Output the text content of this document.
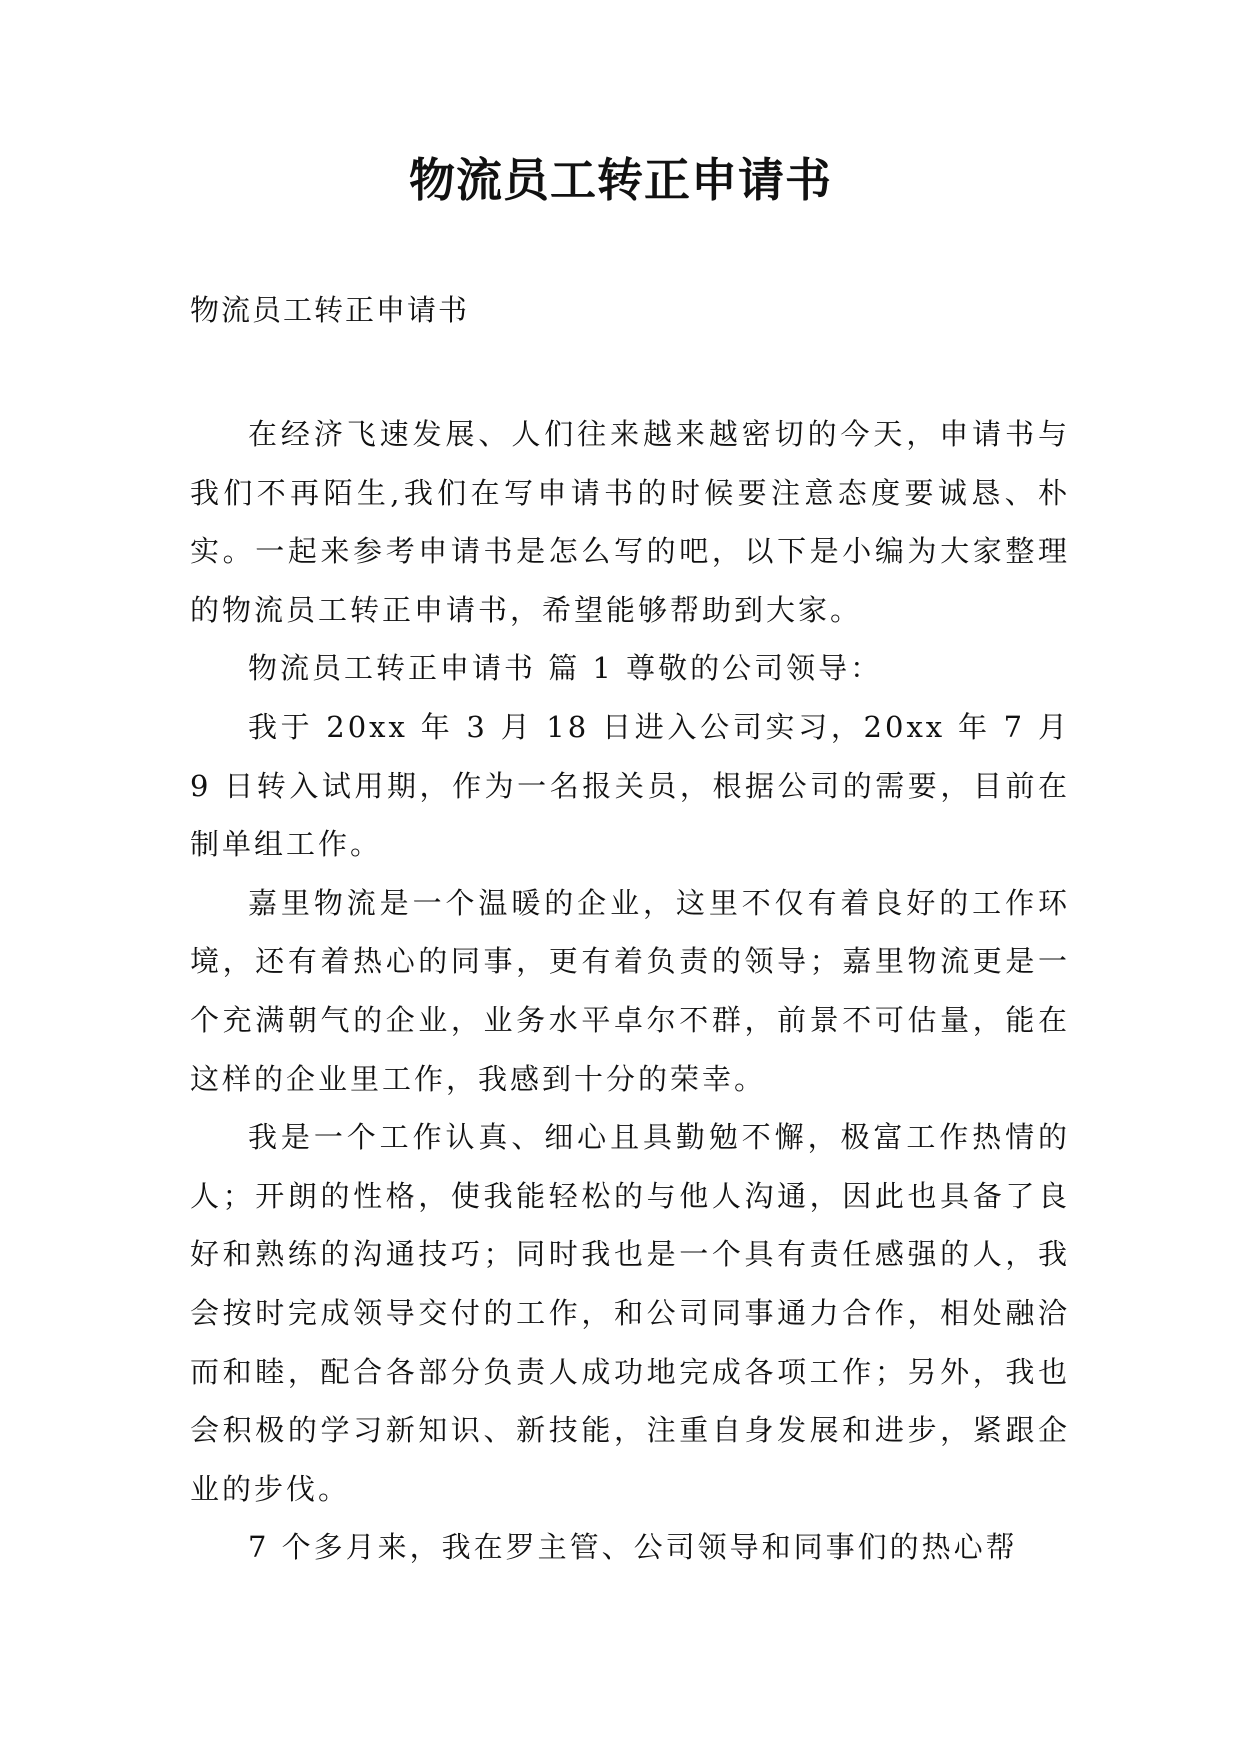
物流员工转正申请书

物流员工转正申请书

在经济飞速发展、人们往来越来越密切的今天，申请书与我们不再陌生,我们在写申请书的时候要注意态度要诚恳、朴实。一起来参考申请书是怎么写的吧，以下是小编为大家整理的物流员工转正申请书，希望能够帮助到大家。

物流员工转正申请书 篇 1 尊敬的公司领导：

我于 20xx 年 3 月 18 日进入公司实习，20xx 年 7 月 9 日转入试用期，作为一名报关员，根据公司的需要，目前在制单组工作。

嘉里物流是一个温暖的企业，这里不仅有着良好的工作环境，还有着热心的同事，更有着负责的领导；嘉里物流更是一个充满朝气的企业，业务水平卓尔不群，前景不可估量，能在这样的企业里工作，我感到十分的荣幸。

我是一个工作认真、细心且具勤勉不懈，极富工作热情的人；开朗的性格，使我能轻松的与他人沟通，因此也具备了良好和熟练的沟通技巧；同时我也是一个具有责任感强的人，我会按时完成领导交付的工作，和公司同事通力合作，相处融洽而和睦，配合各部分负责人成功地完成各项工作；另外，我也会积极的学习新知识、新技能，注重自身发展和进步，紧跟企业的步伐。

7 个多月来，我在罗主管、公司领导和同事们的热心帮
